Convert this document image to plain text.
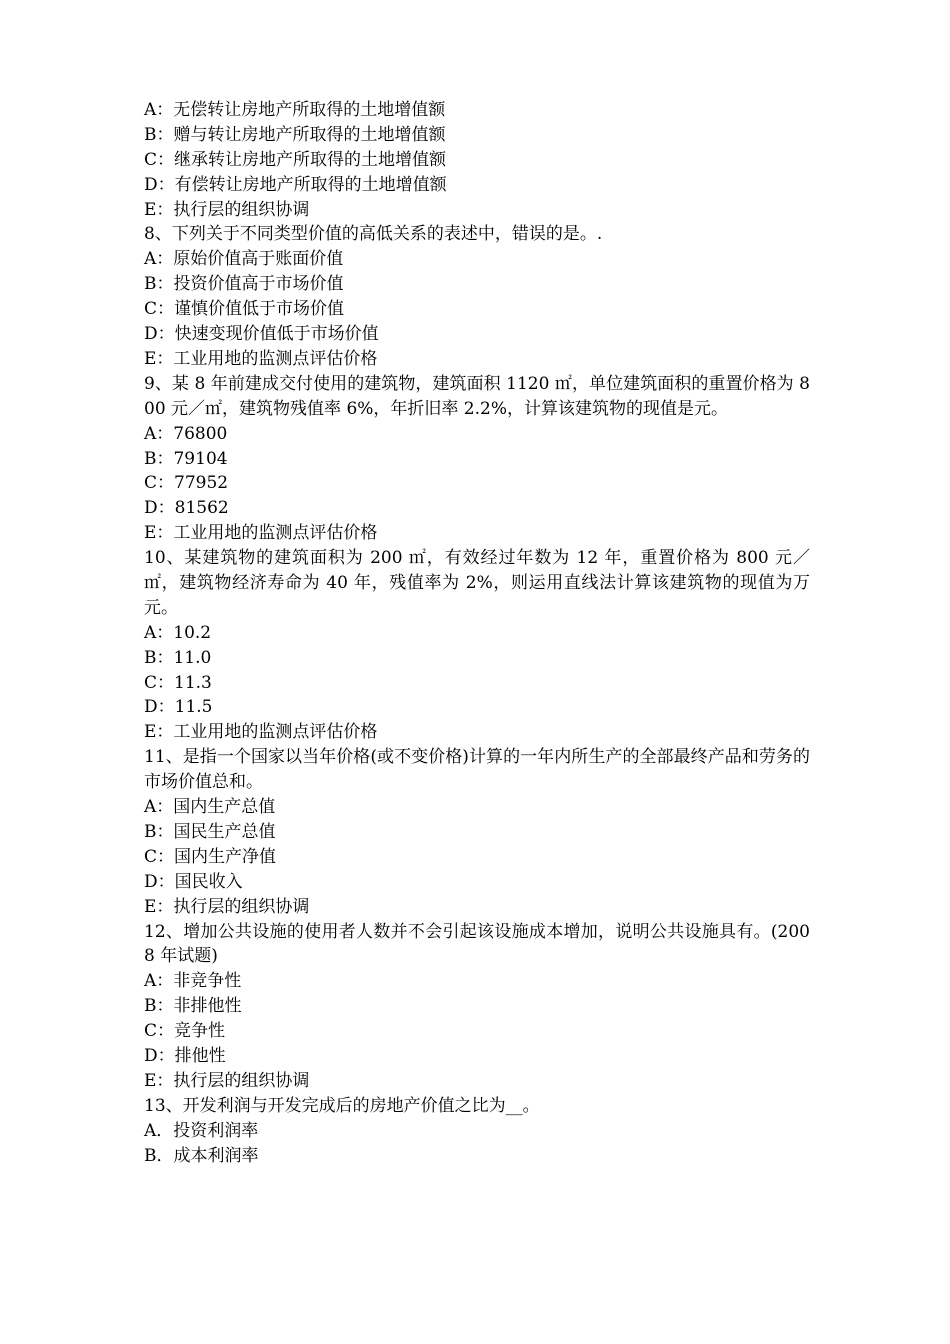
A：无偿转让房地产所取得的土地增值额
B：赠与转让房地产所取得的土地增值额
C：继承转让房地产所取得的土地增值额
D：有偿转让房地产所取得的土地增值额
E：执行层的组织协调
8、下列关于不同类型价值的高低关系的表述中，错误的是。.
A：原始价值高于账面价值
B：投资价值高于市场价值
C：谨慎价值低于市场价值
D：快速变现价值低于市场价值
E：工业用地的监测点评估价格
9、某 8 年前建成交付使用的建筑物，建筑面积 1120 ㎡，单位建筑面积的重置价格为 800 元／㎡，建筑物残值率 6%，年折旧率 2.2%，计算该建筑物的现值是元。
A：76800
B：79104
C：77952
D：81562
E：工业用地的监测点评估价格
10、某建筑物的建筑面积为 200 ㎡，有效经过年数为 12 年，重置价格为 800 元／㎡，建筑物经济寿命为 40 年，残值率为 2%，则运用直线法计算该建筑物的现值为万元。
A：10.2
B：11.0
C：11.3
D：11.5
E：工业用地的监测点评估价格
11、是指一个国家以当年价格(或不变价格)计算的一年内所生产的全部最终产品和劳务的市场价值总和。
A：国内生产总值
B：国民生产总值
C：国内生产净值
D：国民收入
E：执行层的组织协调
12、增加公共设施的使用者人数并不会引起该设施成本增加，说明公共设施具有。(2008 年试题)
A：非竞争性
B：非排他性
C：竞争性
D：排他性
E：执行层的组织协调
13、开发利润与开发完成后的房地产价值之比为__。
A．投资利润率
B．成本利润率
